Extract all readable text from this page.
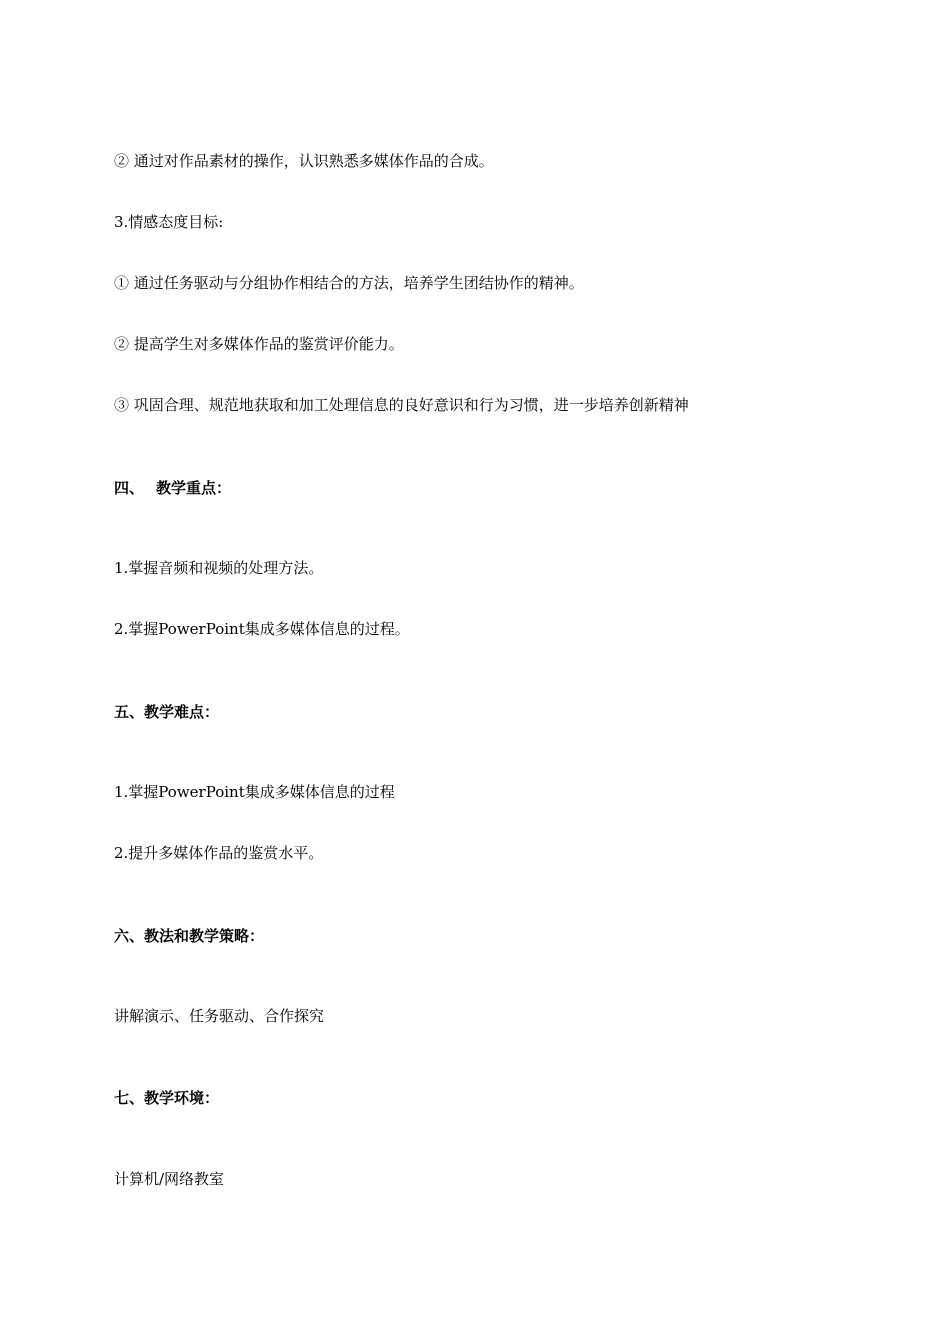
② 通过对作品素材的操作，认识熟悉多媒体作品的合成。
3.情感态度目标:
① 通过任务驱动与分组协作相结合的方法，培养学生团结协作的精神。
② 提高学生对多媒体作品的鉴赏评价能力。
③ 巩固合理、规范地获取和加工处理信息的良好意识和行为习惯，进一步培养创新精神
四、 教学重点：
1.掌握音频和视频的处理方法。
2.掌握PowerPoint集成多媒体信息的过程。
五、教学难点：
1.掌握PowerPoint集成多媒体信息的过程
2.提升多媒体作品的鉴赏水平。
六、教法和教学策略：
讲解演示、任务驱动、合作探究
七、教学环境：
计算机/网络教室
